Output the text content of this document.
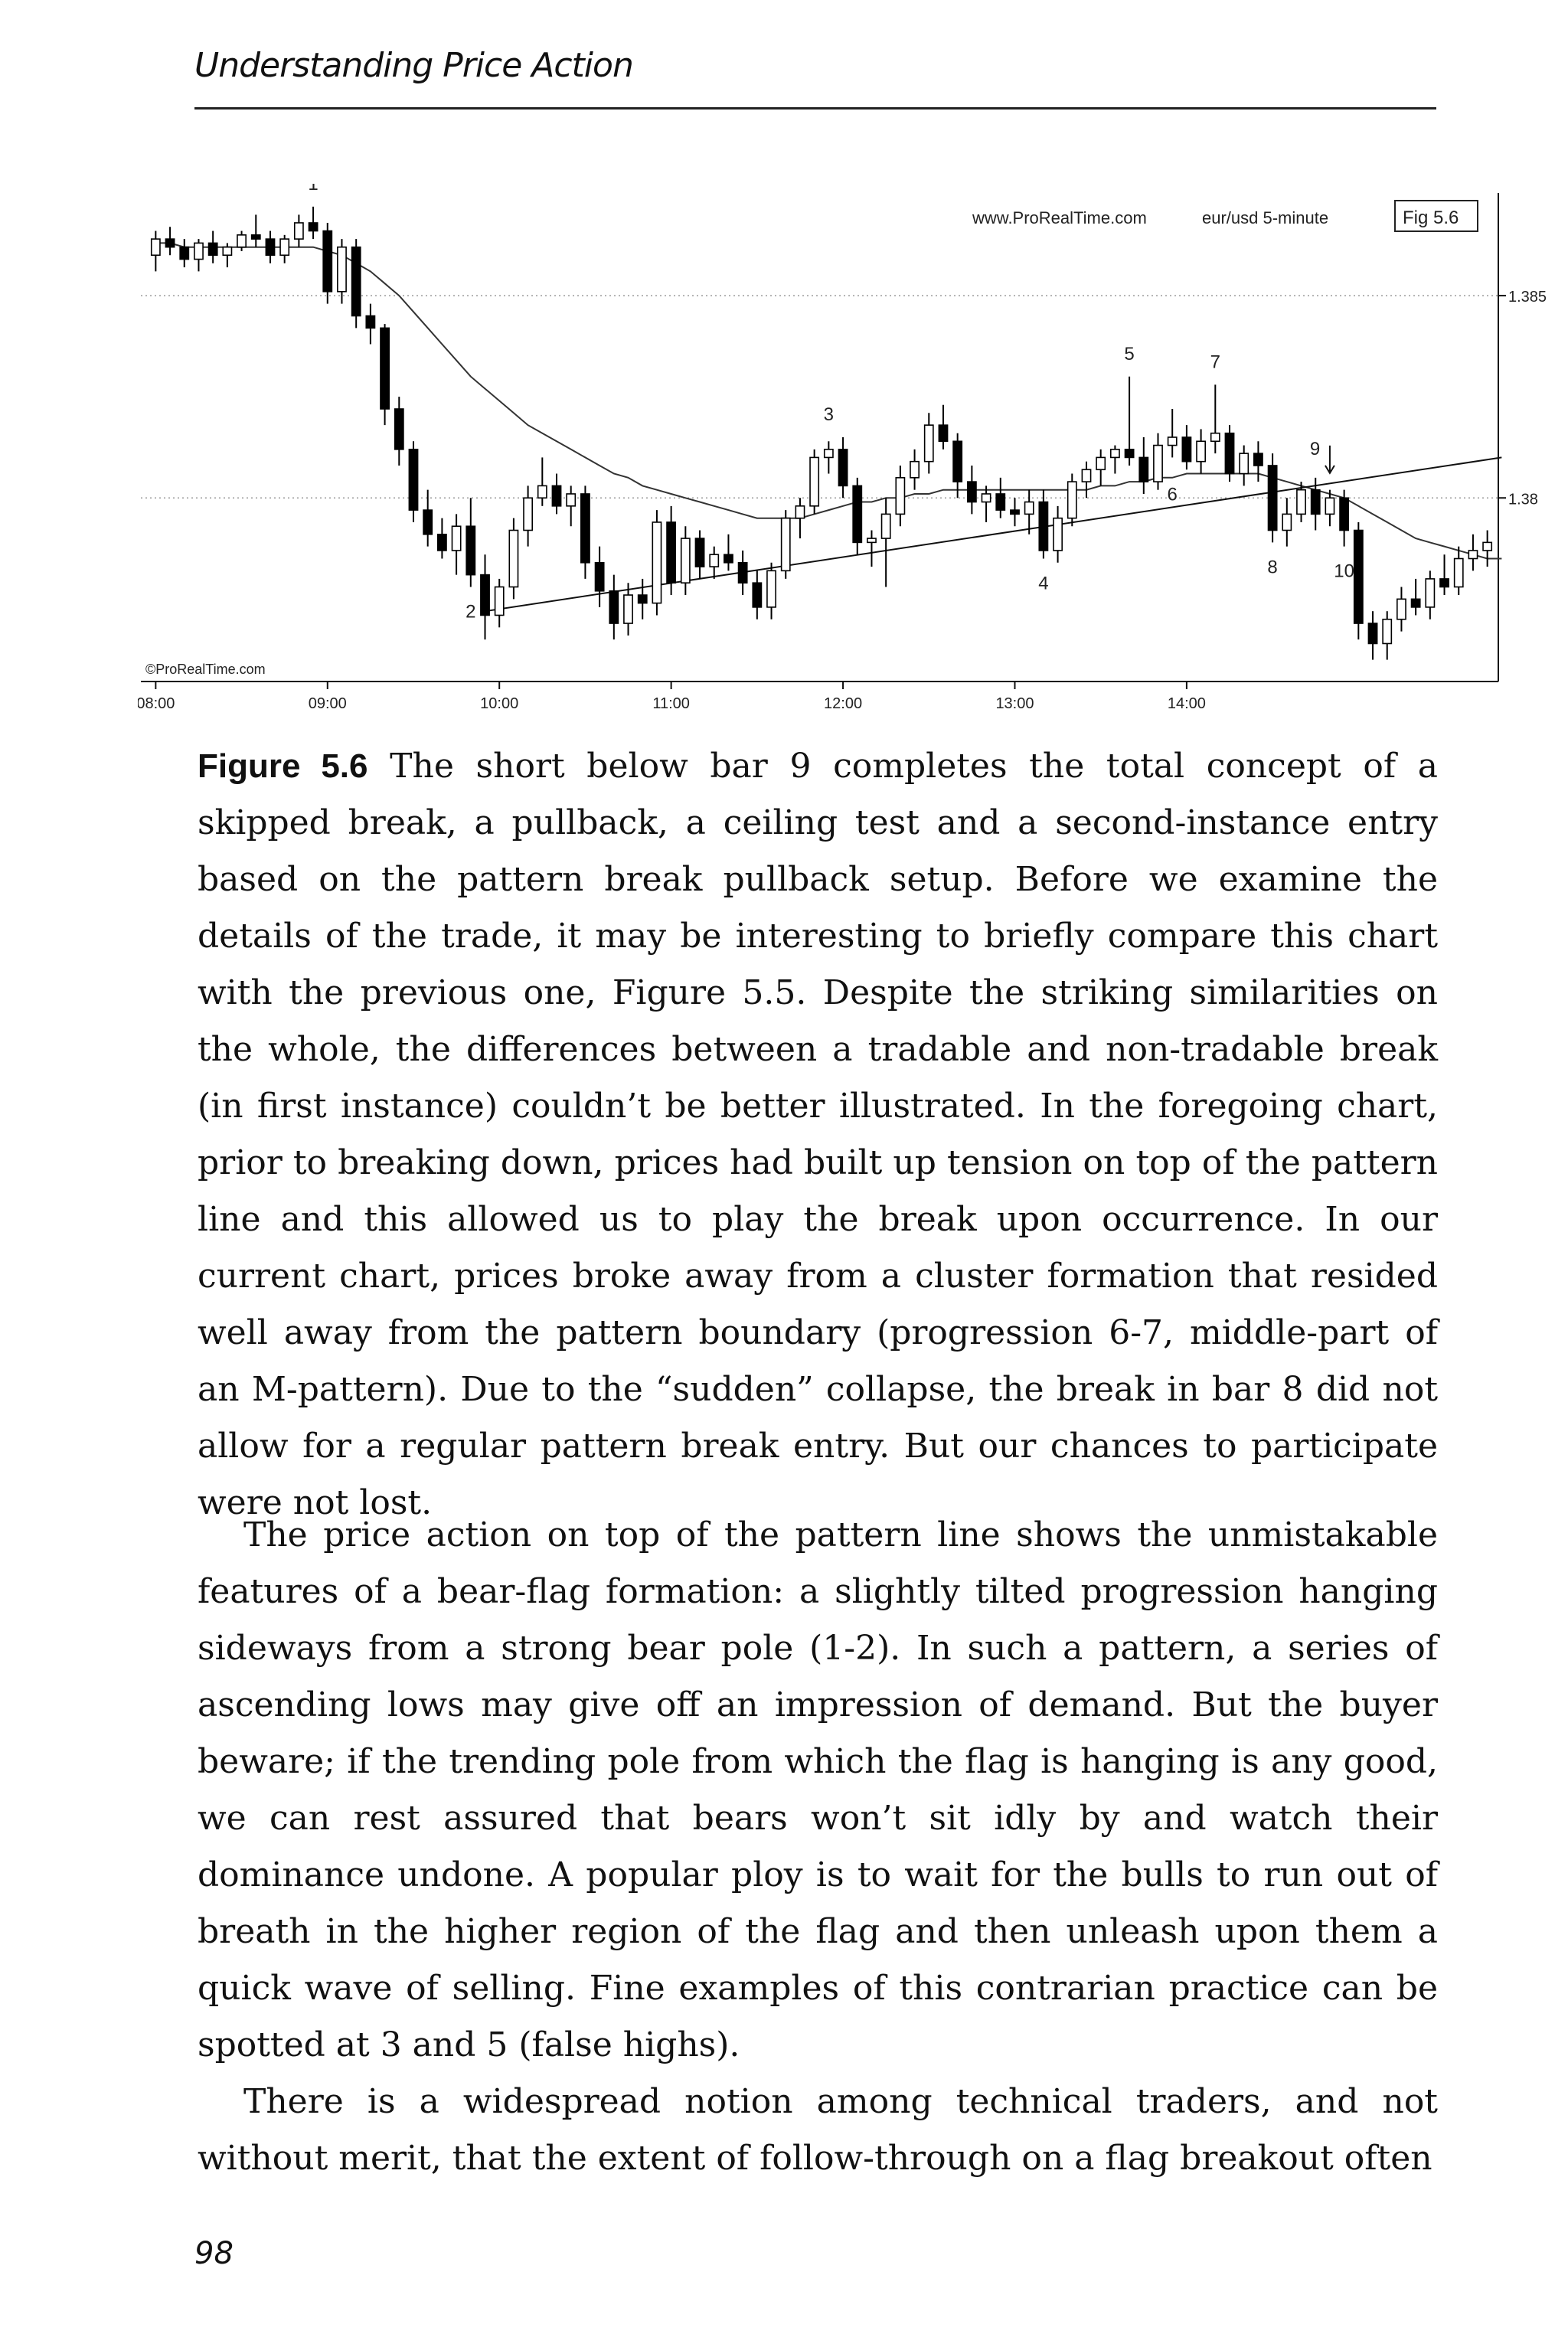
Understanding Price Action
1
2
3
4
5
6
7
8
9
10
1.385
1.38
08:00	09:00	10:00	11:00	12:00	13:00	14:00
www.ProRealTime.com	eur/usd 5-minute	Fig 5.6
©ProRealTime.com
Figure 5.6 The short below bar 9 completes the total concept of a skipped break, a pullback, a ceiling test and a second-instance entry based on the pattern break pullback setup. Before we examine the details of the trade, it may be interesting to briefly compare this chart with the previous one, Figure 5.5. Despite the striking similarities on the whole, the differences between a tradable and non-tradable break (in first instance) couldn’t be better illustrated. In the foregoing chart, prior to breaking down, prices had built up tension on top of the pattern line and this allowed us to play the break upon occurrence. In our current chart, prices broke away from a cluster formation that resided well away from the pattern boundary (progression 6-7, middle-part of an M-pattern). Due to the “sudden” collapse, the break in bar 8 did not allow for a regular pattern break entry. But our chances to participate were not lost.

The price action on top of the pattern line shows the unmistakable features of a bear-flag formation: a slightly tilted progression hanging sideways from a strong bear pole (1-2). In such a pattern, a series of ascending lows may give off an impression of demand. But the buyer beware; if the trending pole from which the flag is hanging is any good, we can rest assured that bears won’t sit idly by and watch their dominance undone. A popular ploy is to wait for the bulls to run out of breath in the higher region of the flag and then unleash upon them a quick wave of selling. Fine examples of this contrarian practice can be spotted at 3 and 5 (false highs).

There is a widespread notion among technical traders, and not without merit, that the extent of follow-through on a flag breakout often

98
